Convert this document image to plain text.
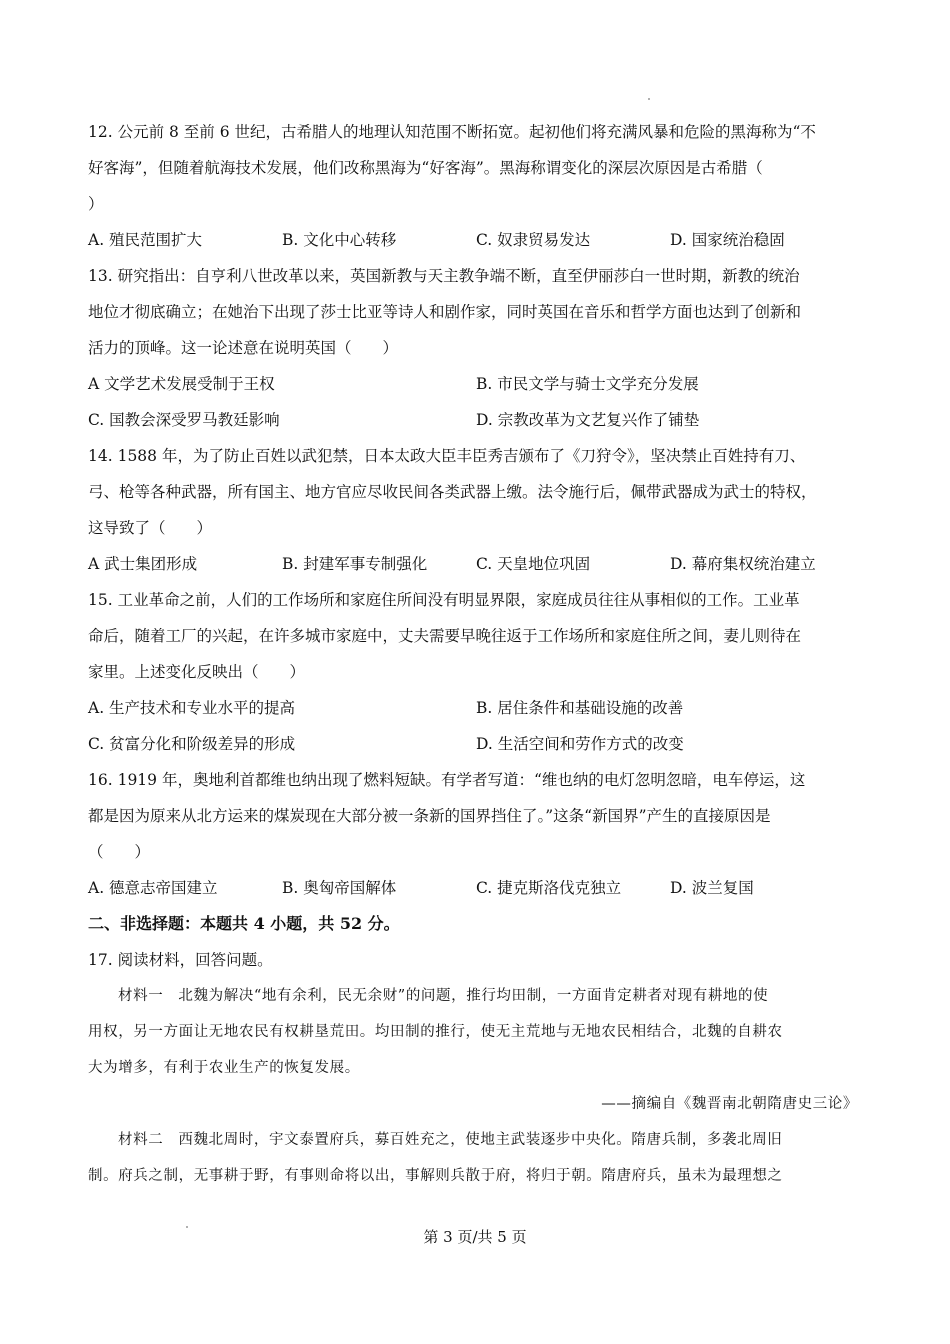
12. 公元前 8 至前 6 世纪，古希腊人的地理认知范围不断拓宽。起初他们将充满风暴和危险的黑海称为“不
好客海”，但随着航海技术发展，他们改称黑海为“好客海”。黑海称谓变化的深层次原因是古希腊（
）
A. 殖民范围扩大	B. 文化中心转移	C. 奴隶贸易发达	D. 国家统治稳固
13. 研究指出：自亨利八世改革以来，英国新教与天主教争端不断，直至伊丽莎白一世时期，新教的统治
地位才彻底确立；在她治下出现了莎士比亚等诗人和剧作家，同时英国在音乐和哲学方面也达到了创新和
活力的顶峰。这一论述意在说明英国（　　）
A 文学艺术发展受制于王权	B. 市民文学与骑士文学充分发展
C. 国教会深受罗马教廷影响	D. 宗教改革为文艺复兴作了铺垫
14. 1588 年，为了防止百姓以武犯禁，日本太政大臣丰臣秀吉颁布了《刀狩令》，坚决禁止百姓持有刀、
弓、枪等各种武器，所有国主、地方官应尽收民间各类武器上缴。法令施行后，佩带武器成为武士的特权，
这导致了（　　）
A 武士集团形成	B. 封建军事专制强化	C. 天皇地位巩固	D. 幕府集权统治建立
15. 工业革命之前，人们的工作场所和家庭住所间没有明显界限，家庭成员往往从事相似的工作。工业革
命后，随着工厂的兴起，在许多城市家庭中，丈夫需要早晚往返于工作场所和家庭住所之间，妻儿则待在
家里。上述变化反映出（　　）
A. 生产技术和专业水平的提高	B. 居住条件和基础设施的改善
C. 贫富分化和阶级差异的形成	D. 生活空间和劳作方式的改变
16. 1919 年，奥地利首都维也纳出现了燃料短缺。有学者写道：“维也纳的电灯忽明忽暗，电车停运，这
都是因为原来从北方运来的煤炭现在大部分被一条新的国界挡住了。”这条“新国界”产生的直接原因是
（　　）
A. 德意志帝国建立	B. 奥匈帝国解体	C. 捷克斯洛伐克独立	D. 波兰复国
二、非选择题：本题共 4 小题，共 52 分。
17. 阅读材料，回答问题。
材料一　北魏为解决“地有余利，民无余财”的问题，推行均田制，一方面肯定耕者对现有耕地的使
用权，另一方面让无地农民有权耕垦荒田。均田制的推行，使无主荒地与无地农民相结合，北魏的自耕农
大为增多，有利于农业生产的恢复发展。
——摘编自《魏晋南北朝隋唐史三论》
材料二　西魏北周时，宇文泰置府兵，募百姓充之，使地主武装逐步中央化。隋唐兵制，多袭北周旧
制。府兵之制，无事耕于野，有事则命将以出，事解则兵散于府，将归于朝。隋唐府兵，虽未为最理想之
第 3 页/共 5 页
